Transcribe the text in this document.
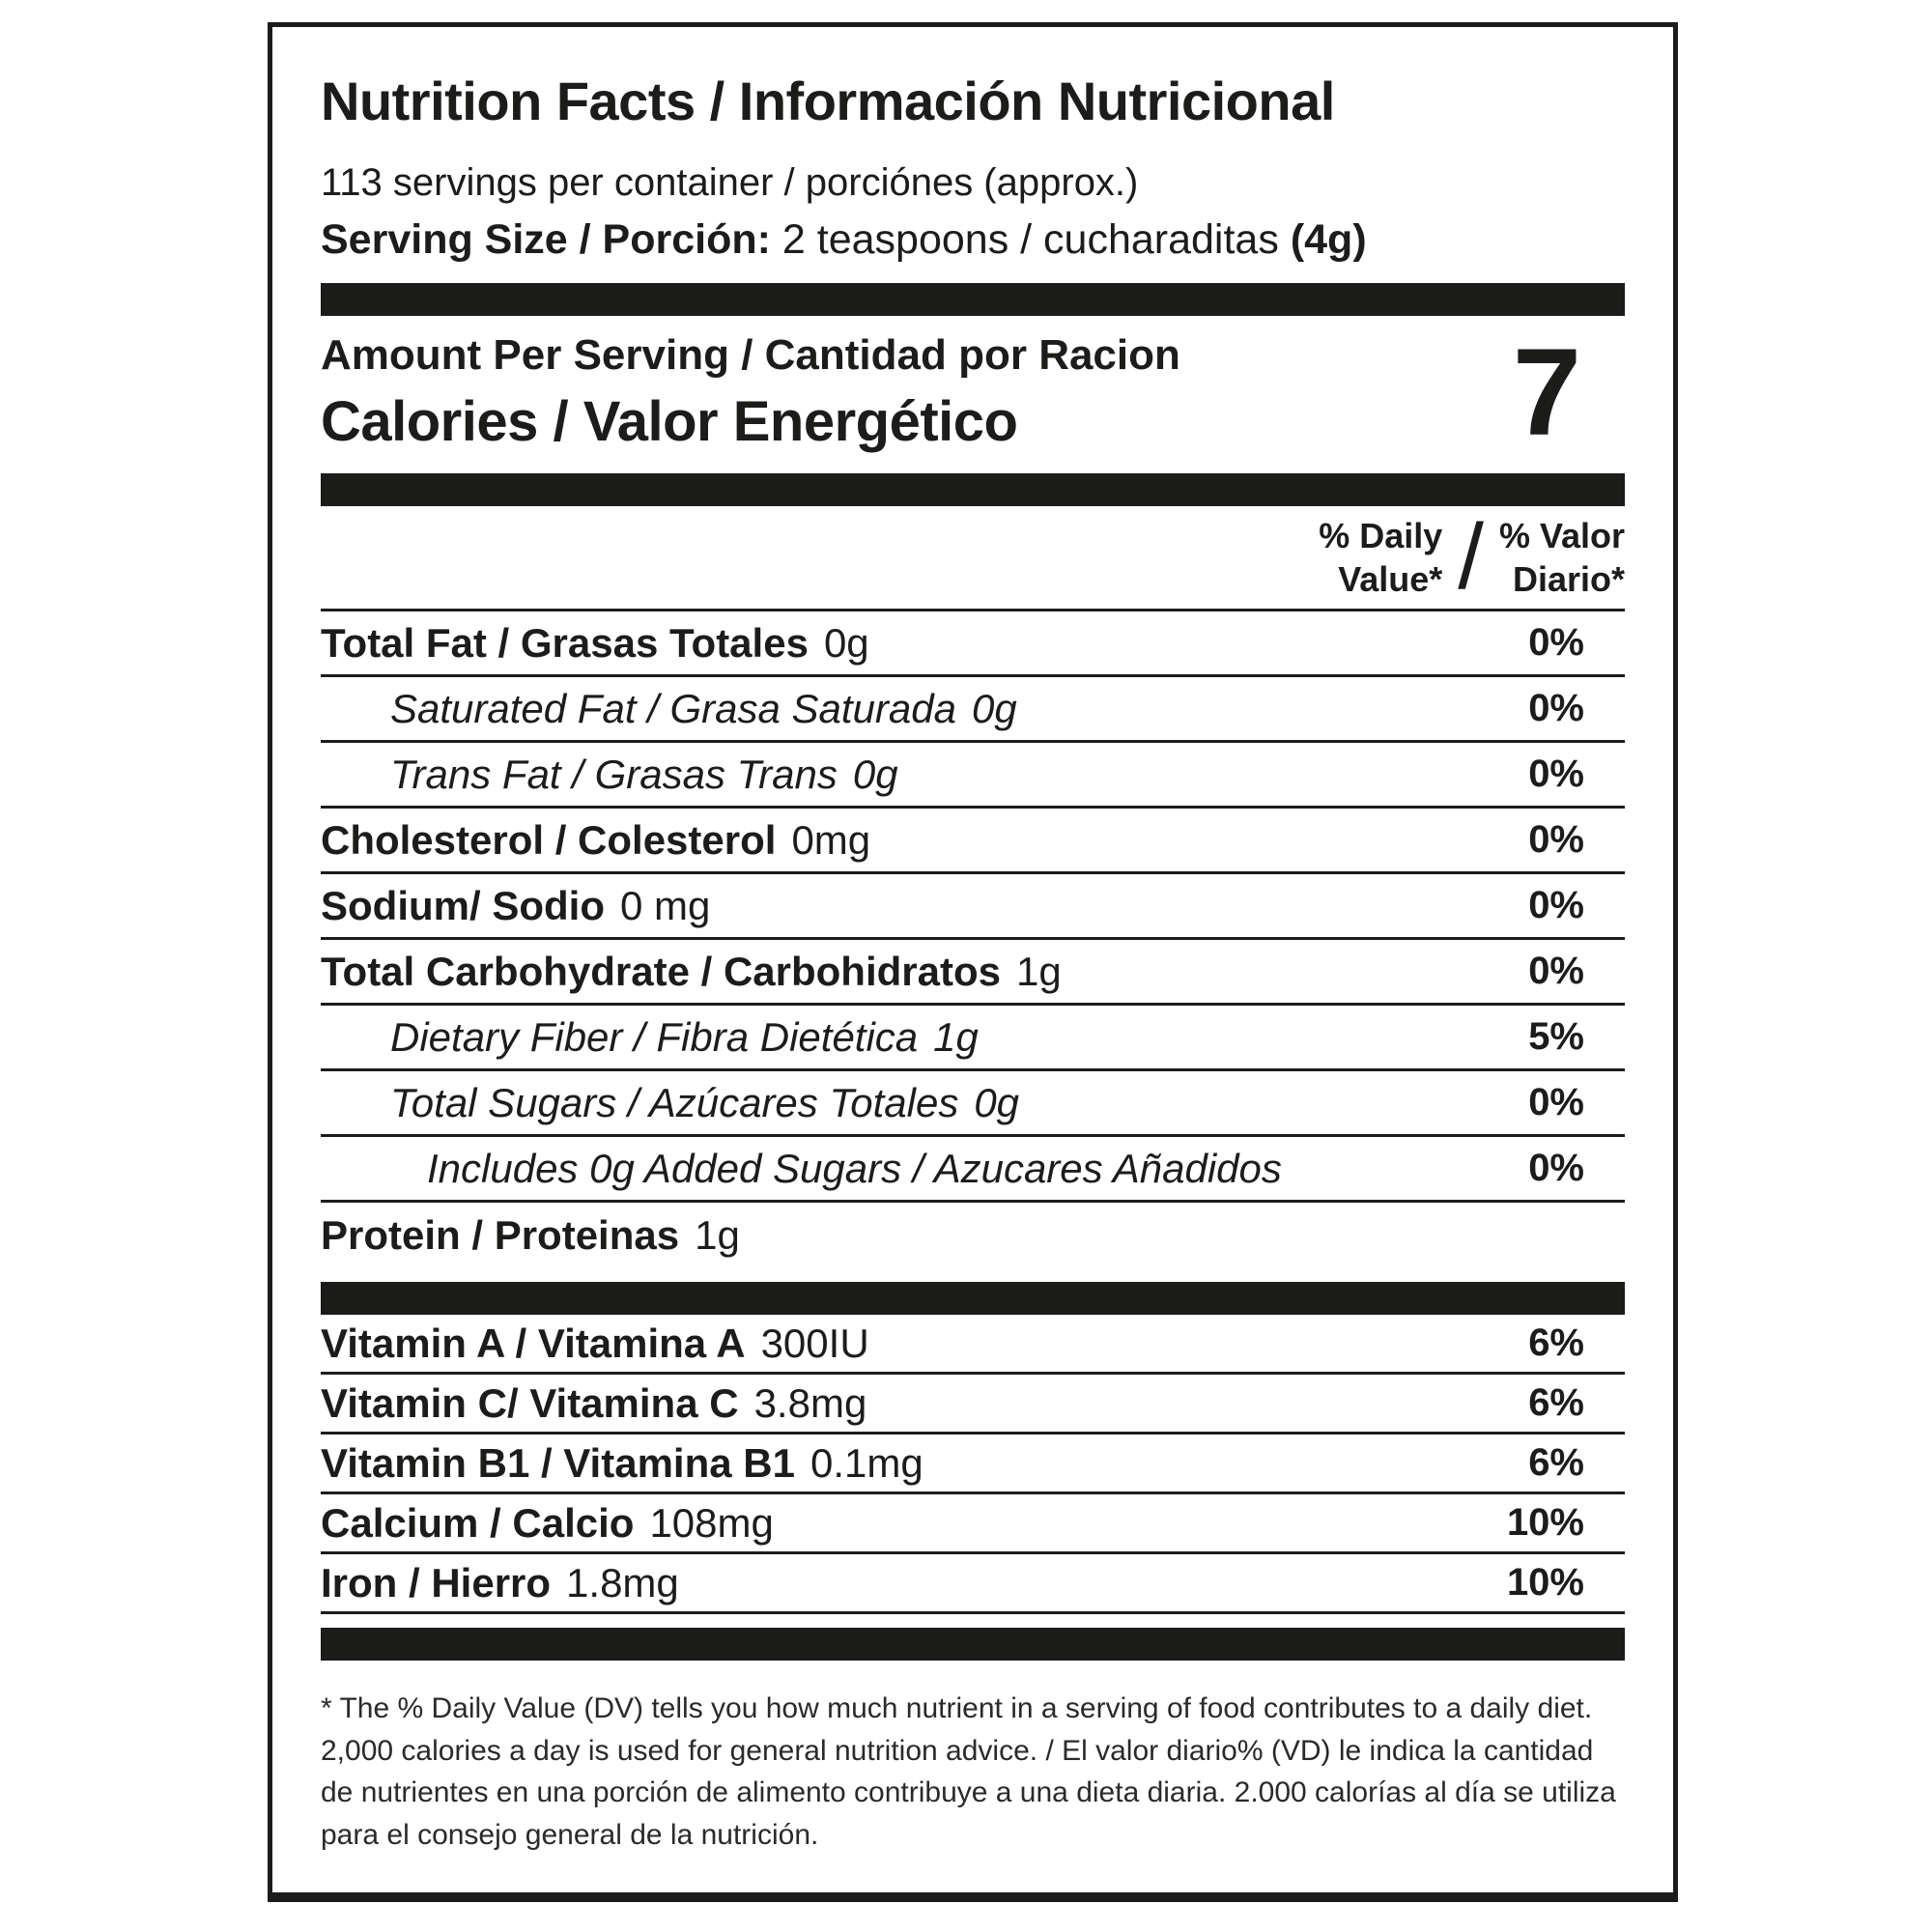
Nutrition Facts / Información Nutricional
113 servings per container / porciónes (approx.)
Serving Size / Porción: 2 teaspoons / cucharaditas (4g)
Amount Per Serving / Cantidad por Racion
Calories / Valor Energético	7
% Daily
Value* / % Valor
Diario*
Total Fat / Grasas Totales 0g	0%
Saturated Fat / Grasa Saturada 0g	0%
Trans Fat / Grasas Trans 0g	0%
Cholesterol / Colesterol 0mg	0%
Sodium/ Sodio 0 mg	0%
Total Carbohydrate / Carbohidratos 1g	0%
Dietary Fiber / Fibra Dietética 1g	5%
Total Sugars / Azúcares Totales 0g	0%
Includes 0g Added Sugars / Azucares Añadidos	0%
Protein / Proteinas 1g
Vitamin A / Vitamina A 300IU	6%
Vitamin C/ Vitamina C 3.8mg	6%
Vitamin B1 / Vitamina B1 0.1mg	6%
Calcium / Calcio 108mg	10%
Iron / Hierro 1.8mg	10%

* The % Daily Value (DV) tells you how much nutrient in a serving of food contributes to a daily diet. 2,000 calories a day is used for general nutrition advice. / El valor diario% (VD) le indica la cantidad de nutrientes en una porción de alimento contribuye a una dieta diaria. 2.000 calorías al día se utiliza para el consejo general de la nutrición.
